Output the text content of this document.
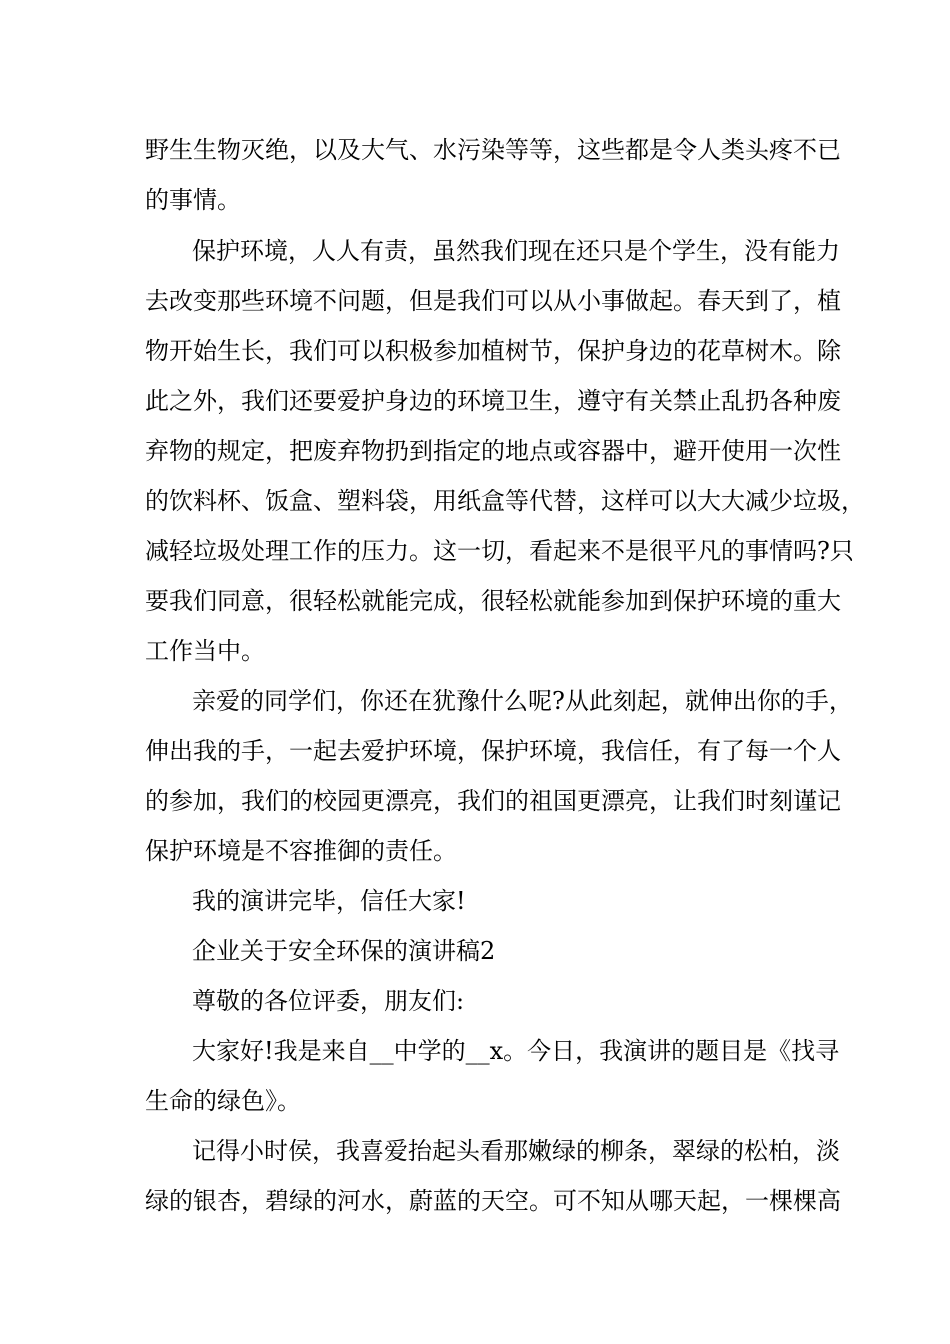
野生生物灭绝，以及大气、水污染等等，这些都是令人类头疼不已
的事情。
保护环境，人人有责，虽然我们现在还只是个学生，没有能力
去改变那些环境不问题，但是我们可以从小事做起。春天到了，植
物开始生长，我们可以积极参加植树节，保护身边的花草树木。除
此之外，我们还要爱护身边的环境卫生，遵守有关禁止乱扔各种废
弃物的规定，把废弃物扔到指定的地点或容器中，避开使用一次性
的饮料杯、饭盒、塑料袋，用纸盒等代替，这样可以大大减少垃圾，
减轻垃圾处理工作的压力。这一切，看起来不是很平凡的事情吗?只
要我们同意，很轻松就能完成，很轻松就能参加到保护环境的重大
工作当中。
亲爱的同学们，你还在犹豫什么呢?从此刻起，就伸出你的手，
伸出我的手，一起去爱护环境，保护环境，我信任，有了每一个人
的参加，我们的校园更漂亮，我们的祖国更漂亮，让我们时刻谨记
保护环境是不容推御的责任。
我的演讲完毕，信任大家!
企业关于安全环保的演讲稿2
尊敬的各位评委，朋友们:
大家好!我是来自__中学的__x。今日，我演讲的题目是《找寻
生命的绿色》。
记得小时侯，我喜爱抬起头看那嫩绿的柳条，翠绿的松柏，淡
绿的银杏，碧绿的河水，蔚蓝的天空。可不知从哪天起，一棵棵高
